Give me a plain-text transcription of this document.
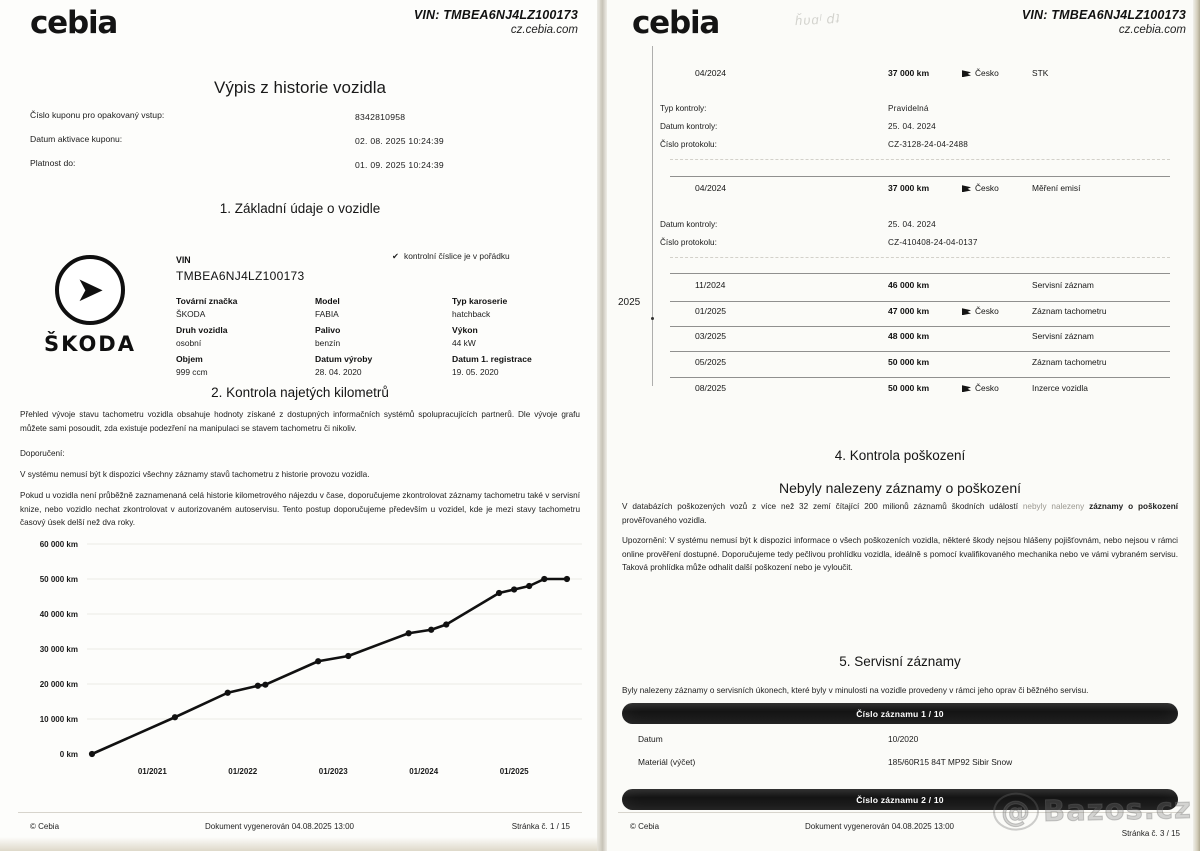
cebia	VIN: TMBEA6NJ4LZ100173
cz.cebia.com
Výpis z historie vozidla
Číslo kuponu pro opakovaný vstup:	8342810958
Datum aktivace kuponu:	02. 08. 2025 10:24:39
Platnost do:	01. 09. 2025 10:24:39
1. Základní údaje o vozidle
➤
ŠKODA
VIN
TMBEA6NJ4LZ100173
✔ kontrolní číslice je v pořádku
Tovární značka
ŠKODA
Model
FABIA
Typ karoserie
hatchback
Druh vozidla
osobní
Palivo
benzín
Výkon
44 kW
Objem
999 ccm
Datum výroby
28. 04. 2020
Datum 1. registrace
19. 05. 2020
2. Kontrola najetých kilometrů
Přehled vývoje stavu tachometru vozidla obsahuje hodnoty získané z dostupných informačních systémů spolupracujících partnerů. Dle vývoje grafu můžete sami posoudit, zda existuje podezření na manipulaci se stavem tachometru či nikoliv.
Doporučení:
V systému nemusí být k dispozici všechny záznamy stavů tachometru z historie provozu vozidla.
Pokud u vozidla není průběžně zaznamenaná celá historie kilometrového nájezdu v čase, doporučujeme zkontrolovat záznamy tachometru také v servisní knize, nebo vozidlo nechat zkontrolovat v autorizovaném autoservisu. Tento postup doporučujeme především u vozidel, kde je mezi stavy tachometru časový úsek delší než dva roky.
0 km
10 000 km
20 000 km
30 000 km
40 000 km
50 000 km
60 000 km
01/2021	01/2022	01/2023	01/2024	01/2025
© Cebia	Dokument vygenerován 04.08.2025 13:00	Stránka č. 1 / 15
cebia	ȟʋɑˡ ⅾʇ	VIN: TMBEA6NJ4LZ100173
cz.cebia.com
2025
04/2024	37 000 km	Česko	STK
Typ kontroly:	Pravidelná
Datum kontroly:	25. 04. 2024
Číslo protokolu:	CZ-3128-24-04-2488
04/2024	37 000 km	Česko	Měření emisí
Datum kontroly:	25. 04. 2024
Číslo protokolu:	CZ-410408-24-04-0137
11/2024	46 000 km	Servisní záznam
01/2025	47 000 km	Česko	Záznam tachometru
03/2025	48 000 km	Servisní záznam
05/2025	50 000 km	Záznam tachometru
08/2025	50 000 km	Česko	Inzerce vozidla
4. Kontrola poškození
Nebyly nalezeny záznamy o poškození
V databázích poškozených vozů z více než 32 zemí čítající 200 milionů záznamů škodních událostí nebyly nalezeny záznamy o poškození prověřovaného vozidla.
Upozornění: V systému nemusí být k dispozici informace o všech poškozeních vozidla, některé škody nejsou hlášeny pojišťovnám, nebo nejsou v rámci online prověření dostupné. Doporučujeme tedy pečlivou prohlídku vozidla, ideálně s pomocí kvalifikovaného mechanika nebo ve vámi vybraném servisu. Taková prohlídka může odhalit další poškození nebo je vyloučit.
5. Servisní záznamy
Byly nalezeny záznamy o servisních úkonech, které byly v minulosti na vozidle provedeny v rámci jeho oprav či běžného servisu.
Číslo záznamu 1 / 10
Datum	10/2020
Materiál (výčet)	185/60R15 84T MP92 Sibir Snow
Číslo záznamu 2 / 10
© Cebia	Dokument vygenerován 04.08.2025 13:00
Stránka č. 3 / 15
@ Bazos.cz
